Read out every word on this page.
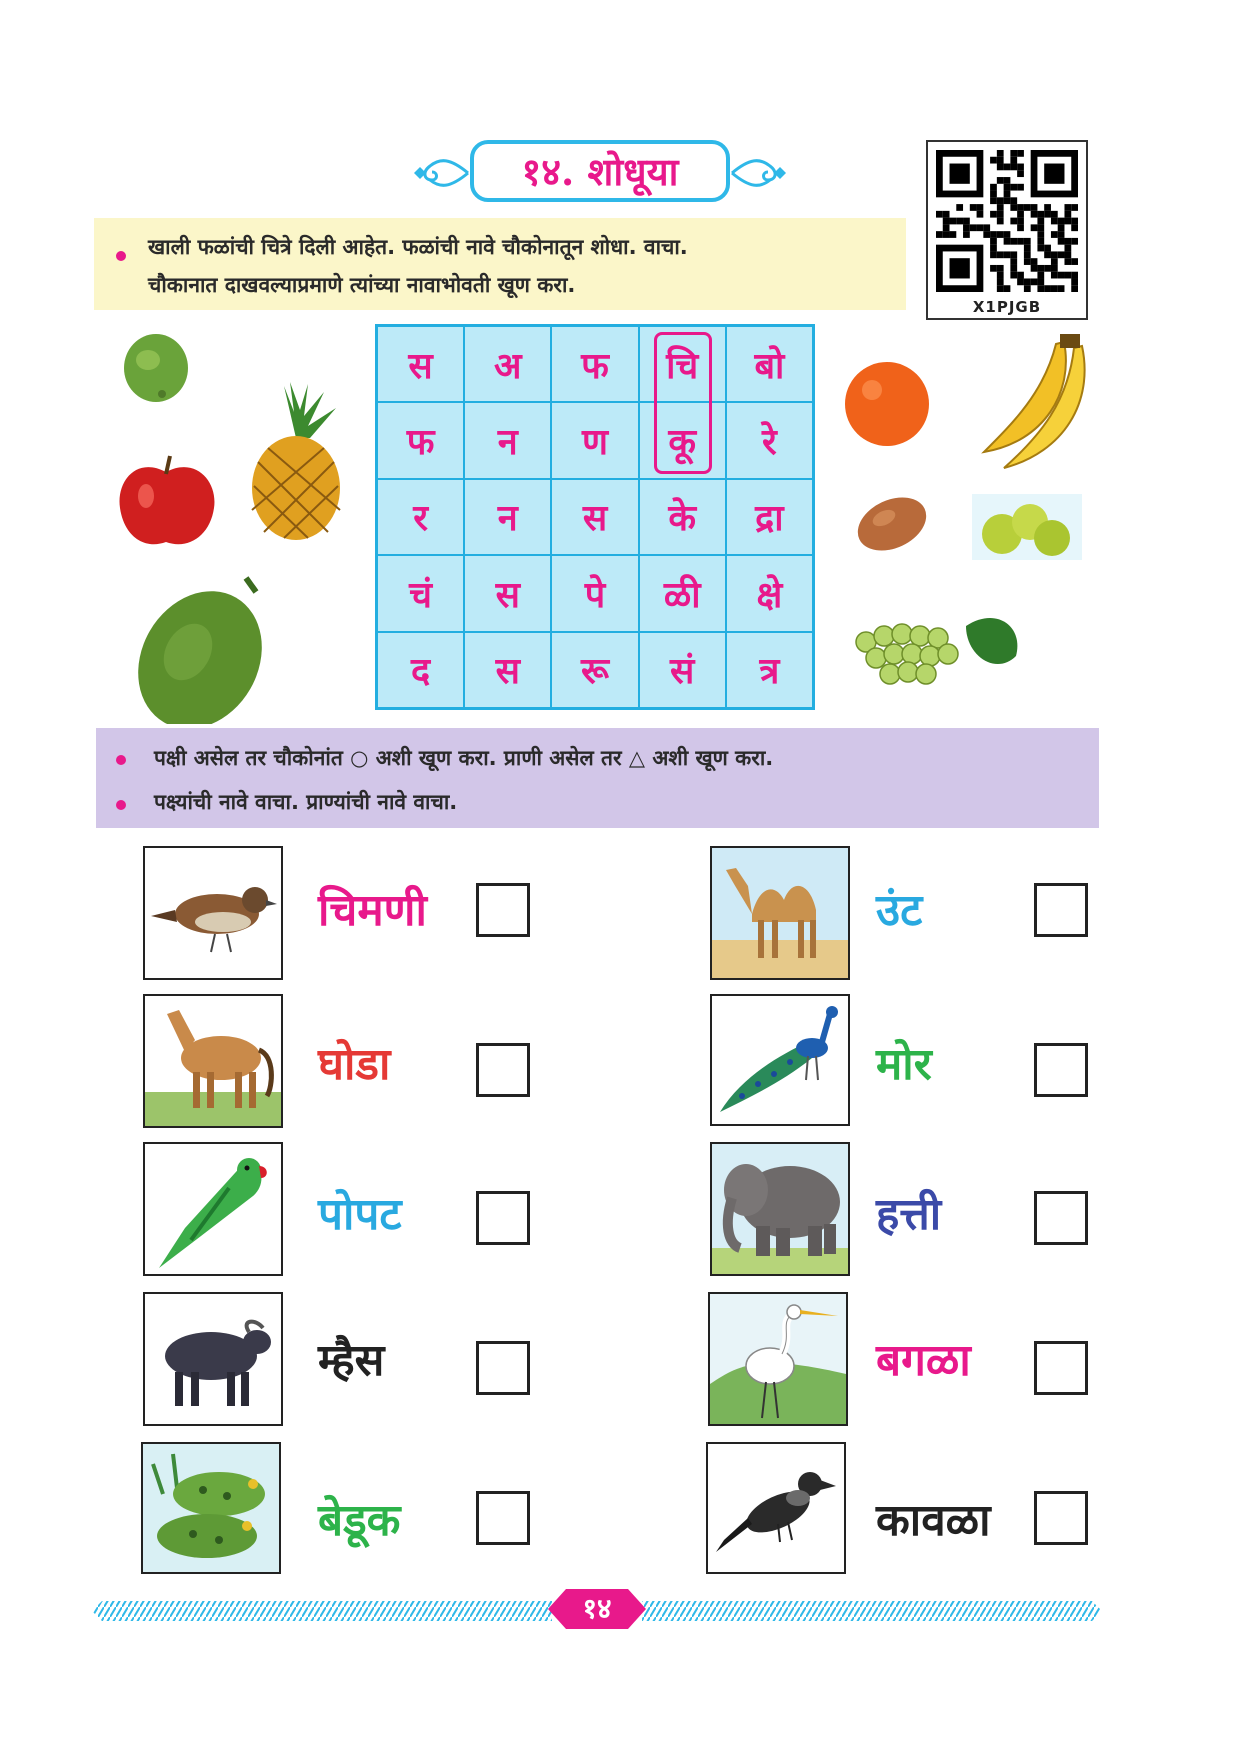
१४. शोधूया
X1PJGB
खाली फळांची चित्रे दिली आहेत. फळांची नावे चौकोनातून शोधा. वाचा.
चौकानात दाखवल्याप्रमाणे त्यांच्या नावाभोवती खूण करा.
स	अ	फ	चि	बो
फ	न	ण	कू	रे
र	न	स	के	द्रा
चं	स	पे	ळी	क्षे
द	स	रू	सं	त्र
पक्षी असेल तर चौकोनांत ○ अशी खूण करा. प्राणी असेल तर △ अशी खूण करा.
पक्ष्यांची नावे वाचा. प्राण्यांची नावे वाचा.
चिमणी
घोडा
पोपट
म्हैस
बेडूक
उंट
मोर
हत्ती
बगळा
कावळा
१४
